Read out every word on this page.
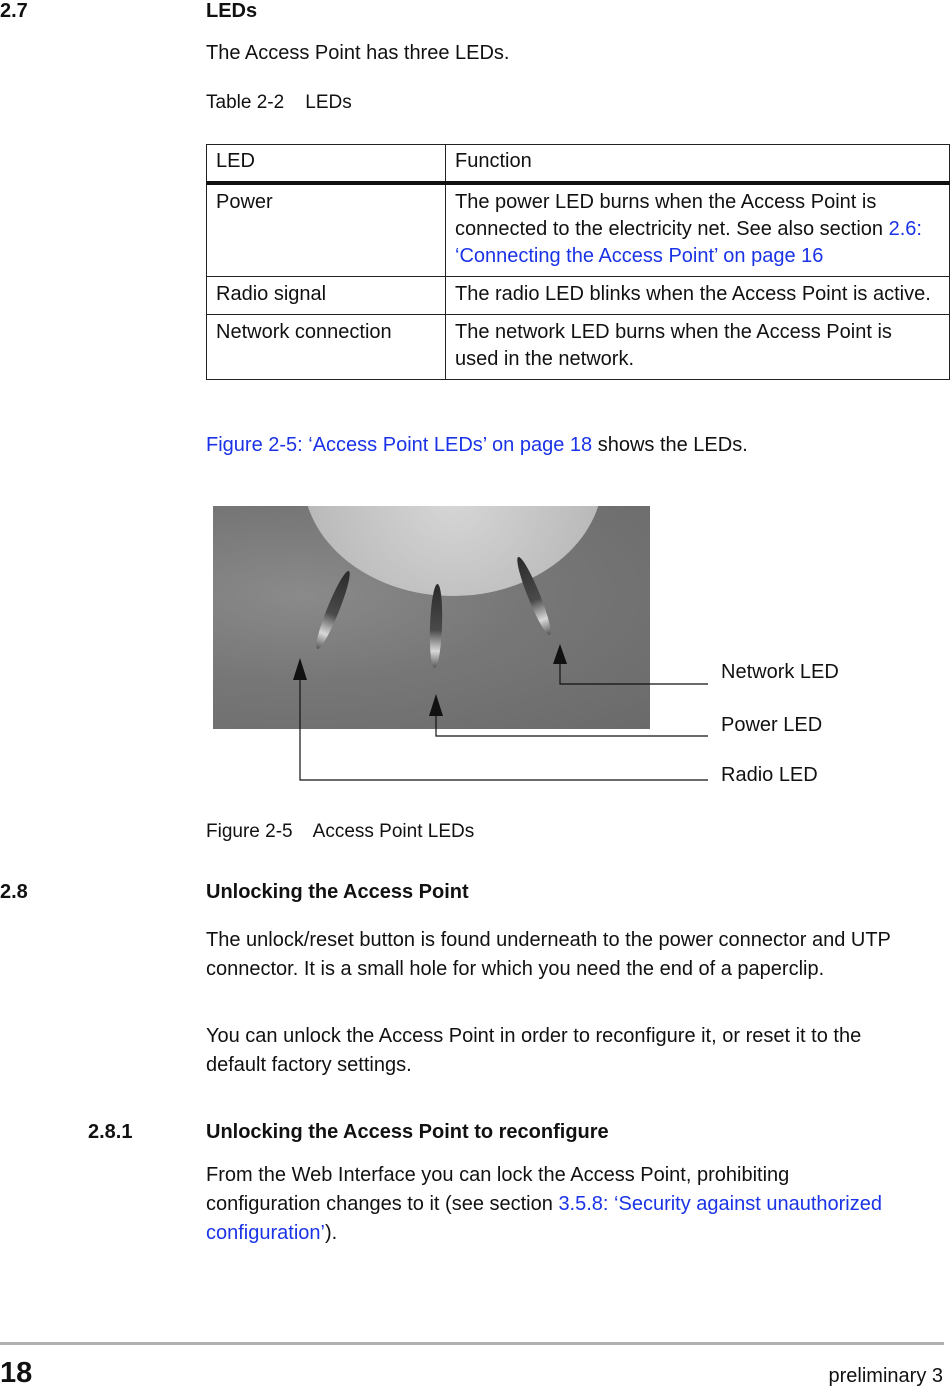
2.7	LEDs
The Access Point has three LEDs.
Table 2-2    LEDs
LED	Function
Power	The power LED burns when the Access Point is connected to the electricity net. See also section 2.6: ‘Connecting the Access Point’ on page 16
Radio signal	The radio LED blinks when the Access Point is active.
Network connection	The network LED burns when the Access Point is used in the network.
Figure 2-5: ‘Access Point LEDs’ on page 18 shows the LEDs.
Network LED
Power LED
Radio LED
Figure 2-5    Access Point LEDs
2.8	Unlocking the Access Point
The unlock/reset button is found underneath to the power connector and UTP connector. It is a small hole for which you need the end of a paperclip.
You can unlock the Access Point in order to reconfigure it, or reset it to the default factory settings.
2.8.1	Unlocking the Access Point to reconfigure
From the Web Interface you can lock the Access Point, prohibiting configuration changes to it (see section 3.5.8: ‘Security against unauthorized configuration’).
18	preliminary 3
